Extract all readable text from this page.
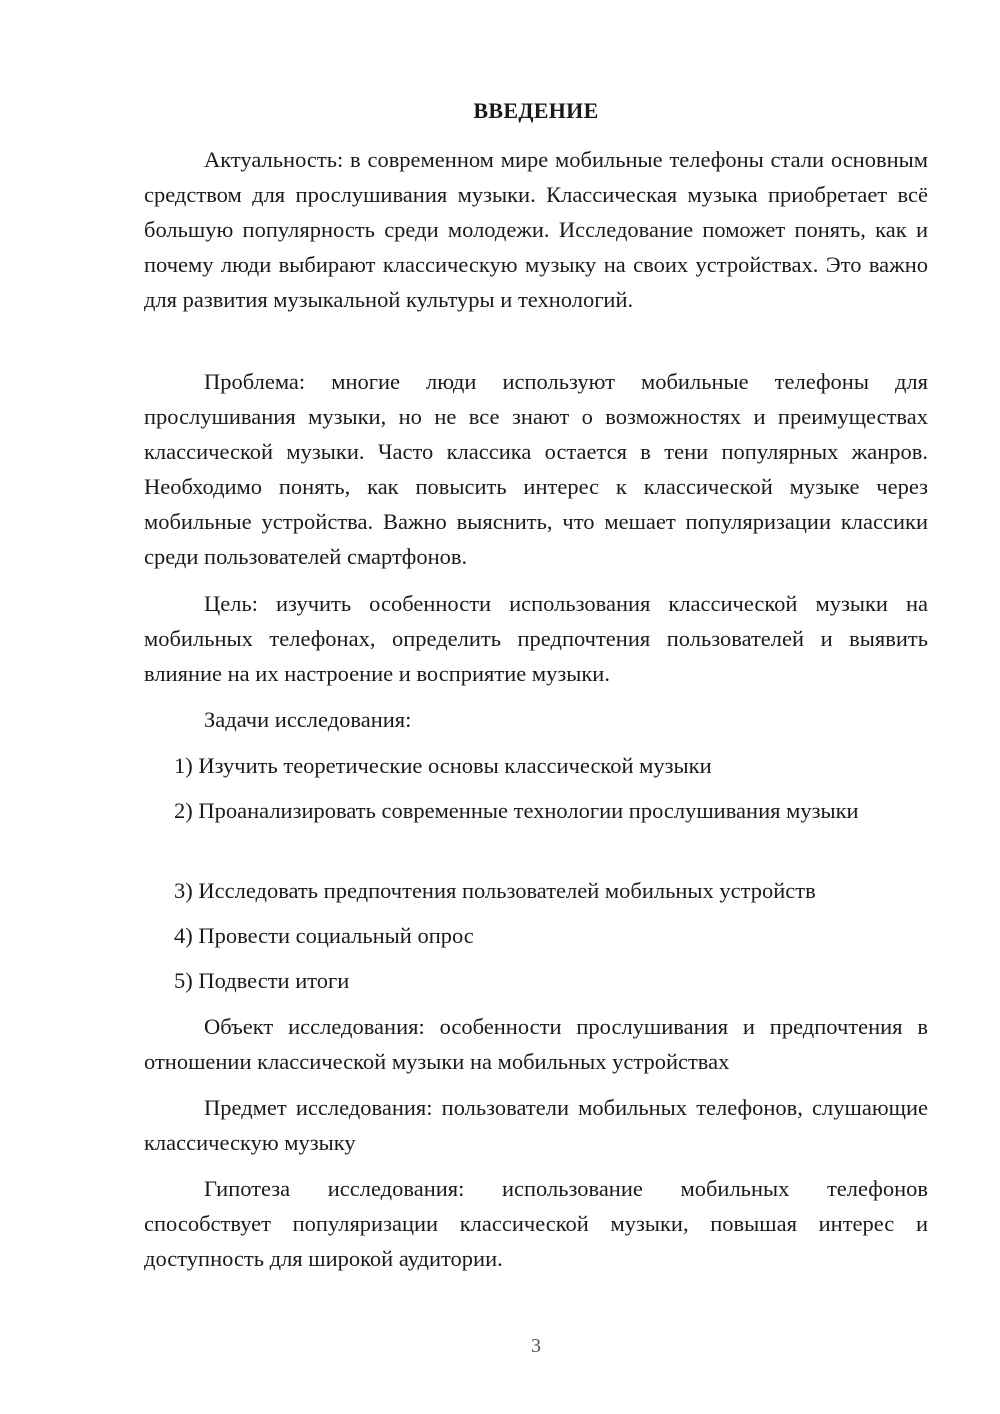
ВВЕДЕНИЕ

Актуальность: в современном мире мобильные телефоны стали основным средством для прослушивания музыки. Классическая музыка приобретает всё большую популярность среди молодежи. Исследование поможет понять, как и почему люди выбирают классическую музыку на своих устройствах. Это важно для развития музыкальной культуры и технологий.

Проблема: многие люди используют мобильные телефоны для прослушивания музыки, но не все знают о возможностях и преимуществах классической музыки. Часто классика остается в тени популярных жанров. Необходимо понять, как повысить интерес к классической музыке через мобильные устройства. Важно выяснить, что мешает популяризации классики среди пользователей смартфонов.

Цель: изучить особенности использования классической музыки на мобильных телефонах, определить предпочтения пользователей и выявить влияние на их настроение и восприятие музыки.

Задачи исследования:

1) Изучить теоретические основы классической музыки

2) Проанализировать современные технологии прослушивания музыки

3) Исследовать предпочтения пользователей мобильных устройств

4) Провести социальный опрос

5) Подвести итоги

Объект исследования: особенности прослушивания и предпочтения в отношении классической музыки на мобильных устройствах

Предмет исследования: пользователи мобильных телефонов, слушающие классическую музыку

Гипотеза исследования: использование мобильных телефонов способствует популяризации классической музыки, повышая интерес и доступность для широкой аудитории.

3
